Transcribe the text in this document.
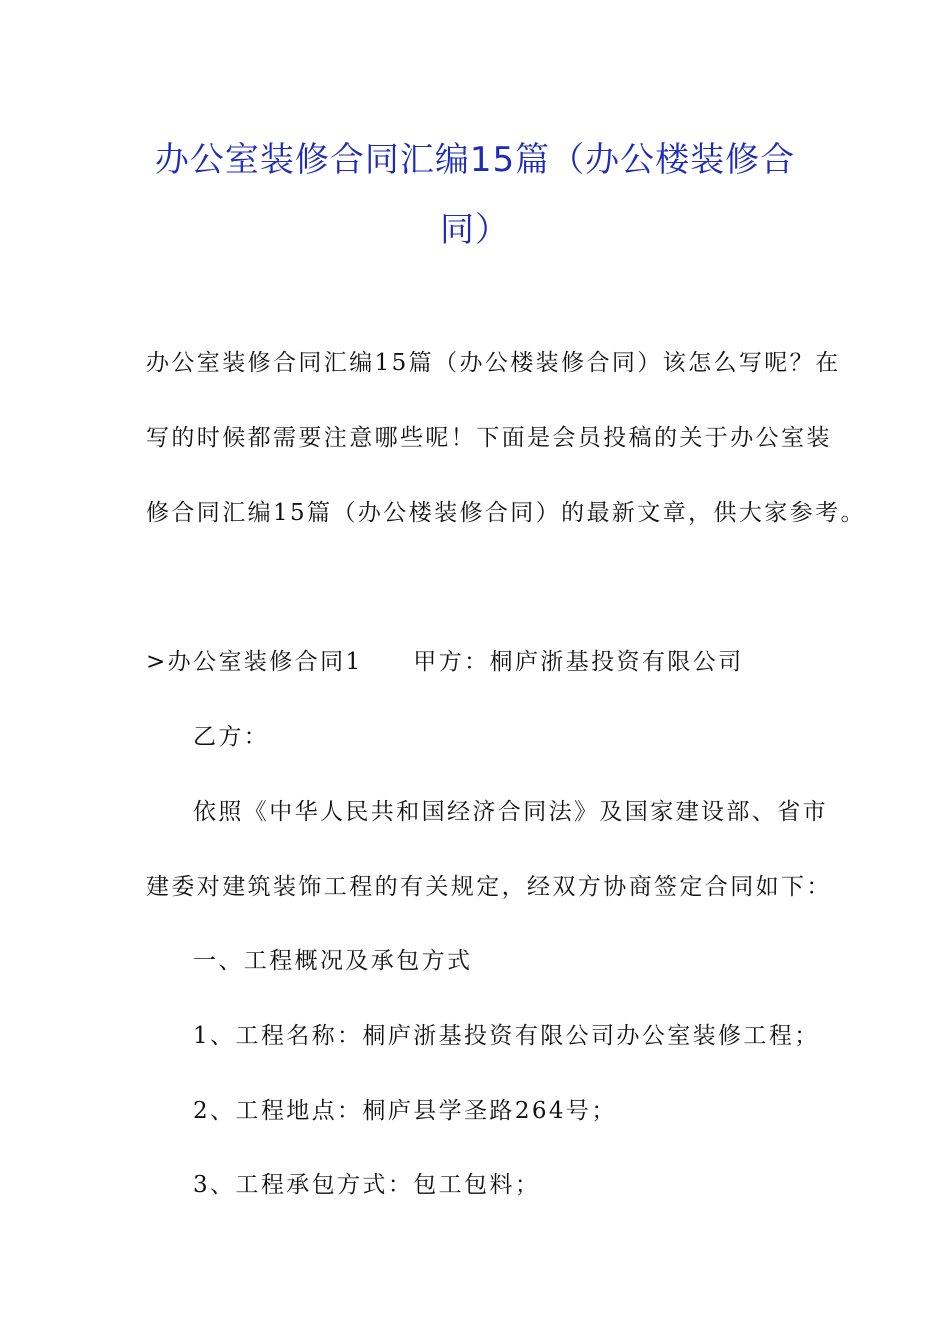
办公室装修合同汇编15篇（办公楼装修合
同）
办公室装修合同汇编15篇（办公楼装修合同）该怎么写呢？在
写的时候都需要注意哪些呢！下面是会员投稿的关于办公室装
修合同汇编15篇（办公楼装修合同）的最新文章，供大家参考。
>办公室装修合同1　　甲方：桐庐浙基投资有限公司
乙方：
依照《中华人民共和国经济合同法》及国家建设部、省市
建委对建筑装饰工程的有关规定，经双方协商签定合同如下：
一、工程概况及承包方式
1、工程名称：桐庐浙基投资有限公司办公室装修工程；
2、工程地点：桐庐县学圣路264号；
3、工程承包方式：包工包料；
